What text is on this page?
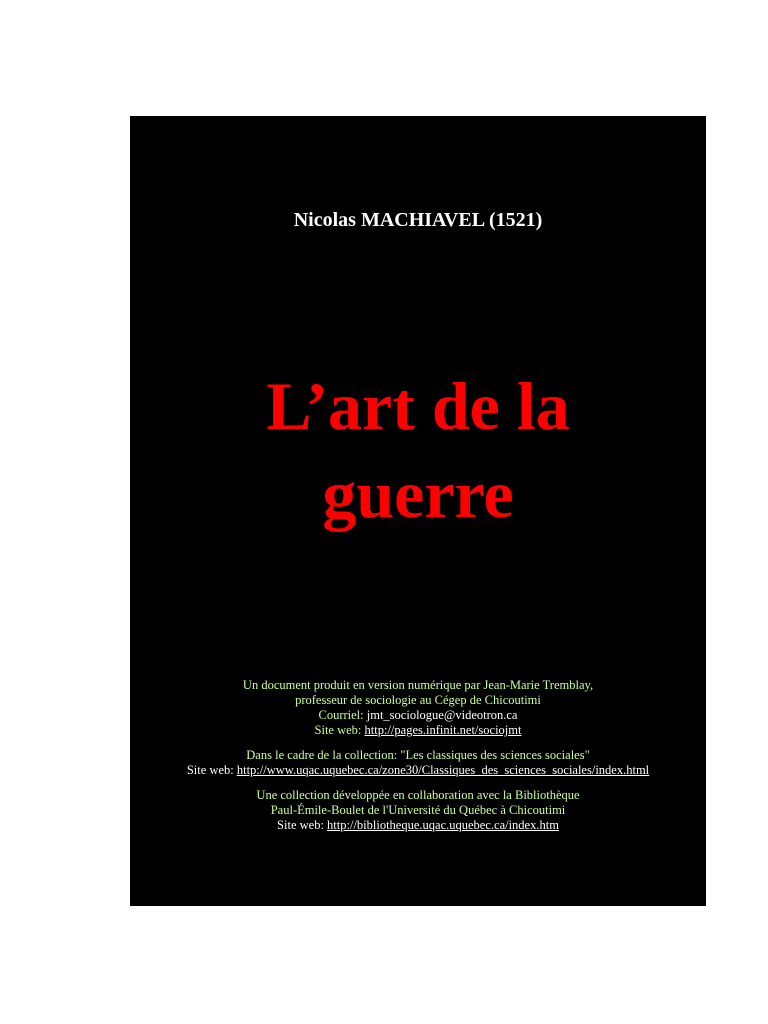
Nicolas MACHIAVEL (1521)
L’art de la
guerre
Un document produit en version numérique par Jean-Marie Tremblay,
professeur de sociologie au Cégep de Chicoutimi
Courriel: jmt_sociologue@videotron.ca
Site web: http://pages.infinit.net/sociojmt
Dans le cadre de la collection: "Les classiques des sciences sociales"
Site web: http://www.uqac.uquebec.ca/zone30/Classiques_des_sciences_sociales/index.html
Une collection développée en collaboration avec la Bibliothèque
Paul-Émile-Boulet de l'Université du Québec à Chicoutimi
Site web: http://bibliotheque.uqac.uquebec.ca/index.htm
